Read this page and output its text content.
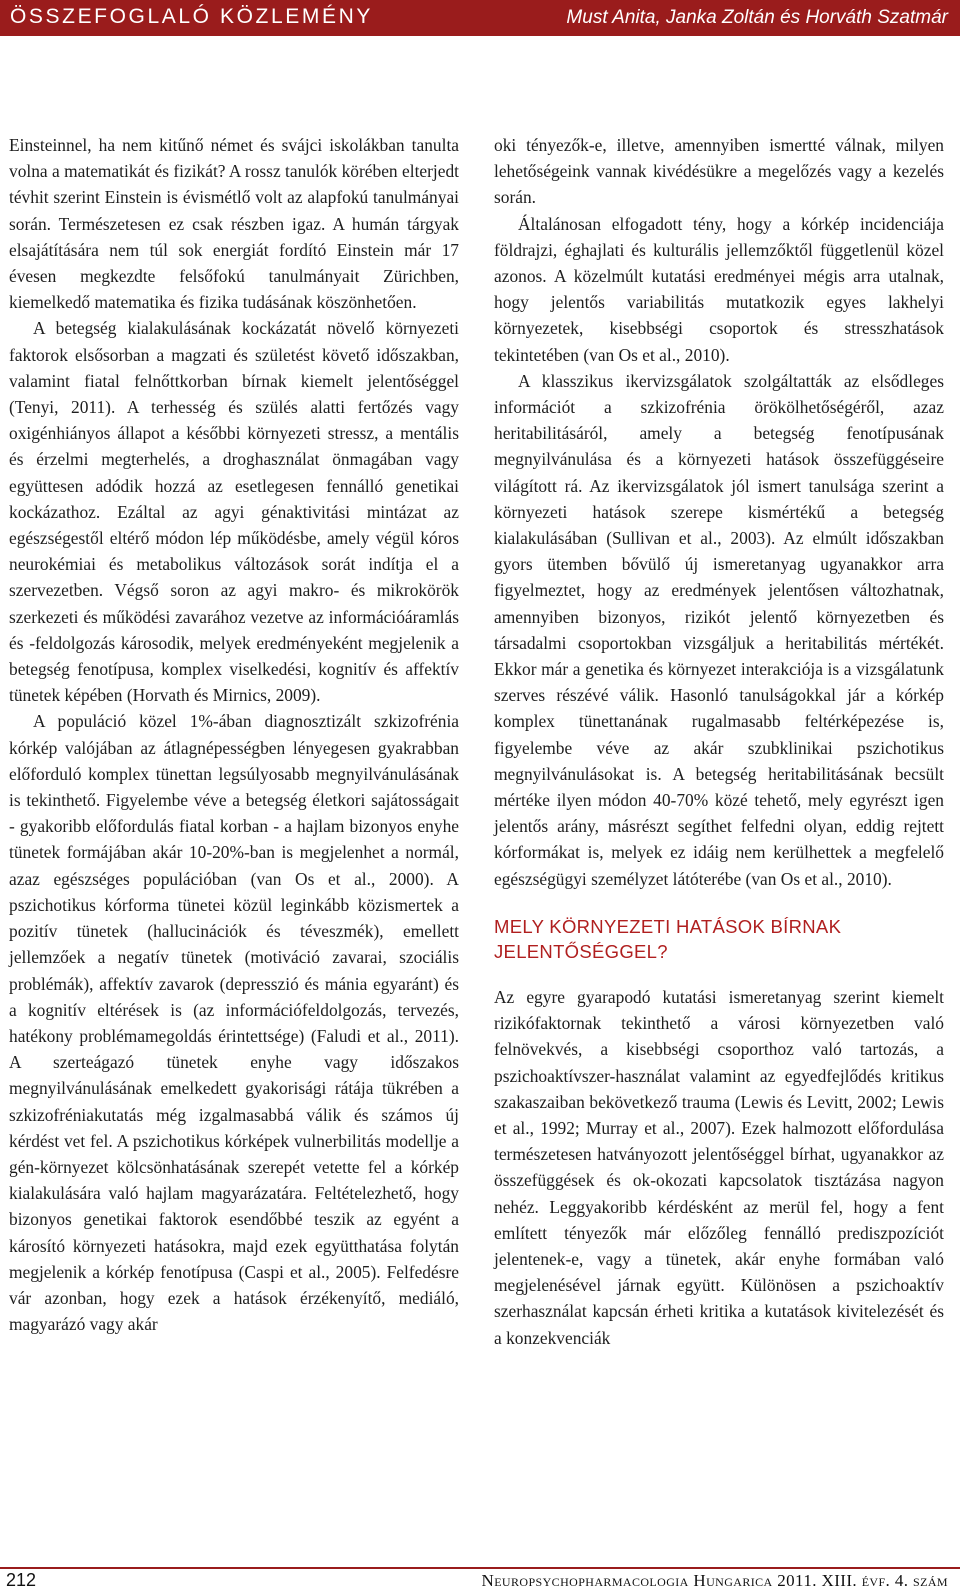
ÖSSZEFOGLALÓ KÖZLEMÉNY	Must Anita, Janka Zoltán és Horváth Szatmár

Einsteinnel, ha nem kitűnő német és svájci iskolákban tanulta volna a matematikát és fizikát? A rossz tanulók körében elterjedt tévhit szerint Einstein is évismétlő volt az alapfokú tanulmányai során. Természetesen ez csak részben igaz. A humán tárgyak elsajátítására nem túl sok energiát fordító Einstein már 17 évesen megkezdte felsőfokú tanulmányait Zürichben, kiemelkedő matematika és fizika tudásának köszönhetően.

A betegség kialakulásának kockázatát növelő környezeti faktorok elsősorban a magzati és születést követő időszakban, valamint fiatal felnőttkorban bírnak kiemelt jelentőséggel (Tenyi, 2011). A terhesség és szülés alatti fertőzés vagy oxigénhiányos állapot a későbbi környezeti stressz, a mentális és érzelmi megterhelés, a droghasználat önmagában vagy együttesen adódik hozzá az esetlegesen fennálló genetikai kockázathoz. Ezáltal az agyi génaktivitási mintázat az egészségestől eltérő módon lép működésbe, amely végül kóros neurokémiai és metabolikus változások sorát indítja el a szervezetben. Végső soron az agyi makro- és mikrokörök szerkezeti és működési zavarához vezetve az információáramlás és -feldolgozás károsodik, melyek eredményeként megjelenik a betegség fenotípusa, komplex viselkedési, kognitív és affektív tünetek képében (Horvath és Mirnics, 2009).

A populáció közel 1%-ában diagnosztizált szkizofrénia kórkép valójában az átlagnépességben lényegesen gyakrabban előforduló komplex tünettan legsúlyosabb megnyilvánulásának is tekinthető. Figyelembe véve a betegség életkori sajátosságait - gyakoribb előfordulás fiatal korban - a hajlam bizonyos enyhe tünetek formájában akár 10-20%-ban is megjelenhet a normál, azaz egészséges populációban (van Os et al., 2000). A pszichotikus kórforma tünetei közül leginkább közismertek a pozitív tünetek (hallucinációk és téveszmék), emellett jellemzőek a negatív tünetek (motiváció zavarai, szociális problémák), affektív zavarok (depresszió és mánia egyaránt) és a kognitív eltérések is (az információfeldolgozás, tervezés, hatékony problémamegoldás érintettsége) (Faludi et al., 2011). A szerteágazó tünetek enyhe vagy időszakos megnyilvánulásának emelkedett gyakorisági rátája tükrében a szkizofréniakutatás még izgalmasabbá válik és számos új kérdést vet fel. A pszichotikus kórképek vulnerbilitás modellje a gén-környezet kölcsönhatásának szerepét vetette fel a kórkép kialakulására való hajlam magyarázatára. Feltételezhető, hogy bizonyos genetikai faktorok esendőbbé teszik az egyént a károsító környezeti hatásokra, majd ezek együtthatása folytán megjelenik a kórkép fenotípusa (Caspi et al., 2005). Felfedésre vár azonban, hogy ezek a hatások érzékenyítő, mediáló, magyarázó vagy akár

oki tényezők-e, illetve, amennyiben ismertté válnak, milyen lehetőségeink vannak kivédésükre a megelőzés vagy a kezelés során.

Általánosan elfogadott tény, hogy a kórkép incidenciája földrajzi, éghajlati és kulturális jellemzőktől függetlenül közel azonos. A közelmúlt kutatási eredményei mégis arra utalnak, hogy jelentős variabilitás mutatkozik egyes lakhelyi környezetek, kisebbségi csoportok és stresszhatások tekintetében (van Os et al., 2010).

A klasszikus ikervizsgálatok szolgáltatták az elsődleges információt a szkizofrénia örökölhetőségéről, azaz heritabilitásáról, amely a betegség fenotípusának megnyilvánulása és a környezeti hatások összefüggéseire világított rá. Az ikervizsgálatok jól ismert tanulsága szerint a környezeti hatások szerepe kismértékű a betegség kialakulásában (Sullivan et al., 2003). Az elmúlt időszakban gyors ütemben bővülő új ismeretanyag ugyanakkor arra figyelmeztet, hogy az eredmények jelentősen változhatnak, amennyiben bizonyos, rizikót jelentő környezetben és társadalmi csoportokban vizsgáljuk a heritabilitás mértékét. Ekkor már a genetika és környezet interakciója is a vizsgálatunk szerves részévé válik. Hasonló tanulságokkal jár a kórkép komplex tünettanának rugalmasabb feltérképezése is, figyelembe véve az akár szubklinikai pszichotikus megnyilvánulásokat is. A betegség heritabilitásának becsült mértéke ilyen módon 40-70% közé tehető, mely egyrészt igen jelentős arány, másrészt segíthet felfedni olyan, eddig rejtett kórformákat is, melyek ez idáig nem kerülhettek a megfelelő egészségügyi személyzet látóterébe (van Os et al., 2010).

MELY KÖRNYEZETI HATÁSOK BÍRNAK JELENTŐSÉGGEL?

Az egyre gyarapodó kutatási ismeretanyag szerint kiemelt rizikófaktornak tekinthető a városi környezetben való felnövekvés, a kisebbségi csoporthoz való tartozás, a pszichoaktívszer-használat valamint az egyedfejlődés kritikus szakaszaiban bekövetkező trauma (Lewis és Levitt, 2002; Lewis et al., 1992; Murray et al., 2007). Ezek halmozott előfordulása természetesen hatványozott jelentőséggel bírhat, ugyanakkor az összefüggések és ok-okozati kapcsolatok tisztázása nagyon nehéz. Leggyakoribb kérdésként az merül fel, hogy a fent említett tényezők már előzőleg fennálló prediszpozíciót jelentenek-e, vagy a tünetek, akár enyhe formában való megjelenésével járnak együtt. Különösen a pszichoaktív szerhasználat kapcsán érheti kritika a kutatások kivitelezését és a konzekvenciák

212	Neuropsychopharmacologia Hungarica 2011. XIII. évf. 4. szám
